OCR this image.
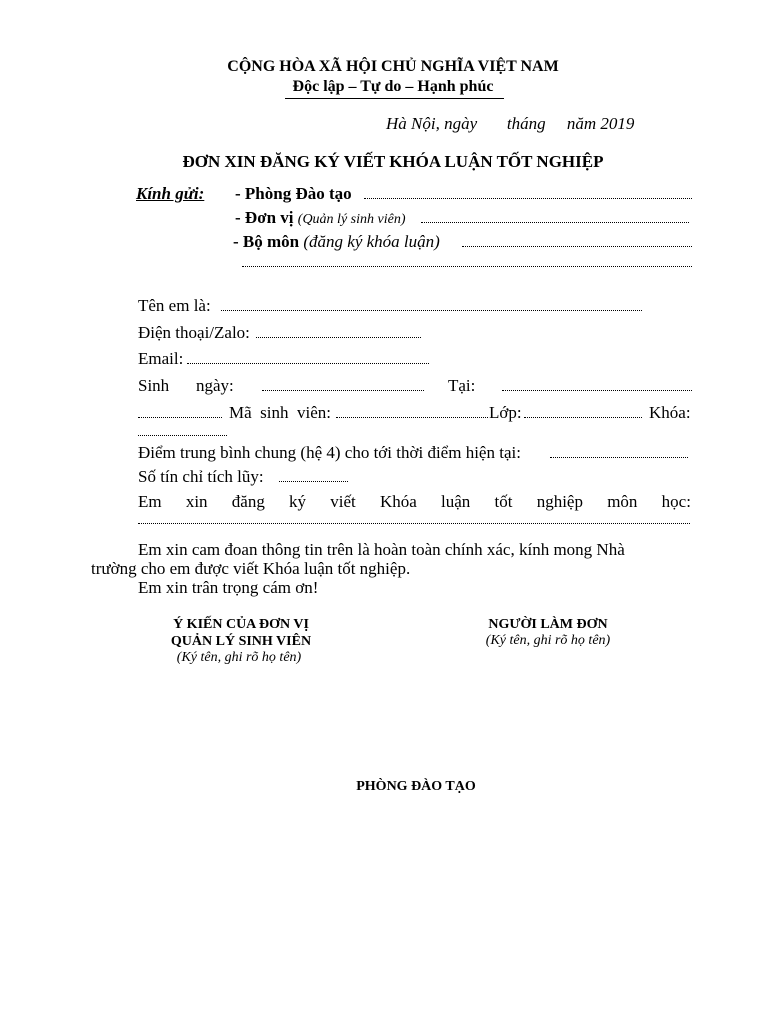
CỘNG HÒA XÃ HỘI CHỦ NGHĨA VIỆT NAM
Độc lập – Tự do – Hạnh phúc
Hà Nội, ngày       tháng     năm 2019
ĐƠN XIN ĐĂNG KÝ VIẾT KHÓA LUẬN TỐT NGHIỆP
Kính gửi: - Phòng Đào tạo
- Đơn vị (Quản lý sinh viên)
- Bộ môn (đăng ký khóa luận)
Tên em là:
Điện thoại/Zalo:
Email:
Sinh ngày:	Tại:
Mã  sinh  viên:	Lớp:	Khóa:
Điểm trung bình chung (hệ 4) cho tới thời điểm hiện tại:
Số tín chỉ tích lũy:
Em xin đăng ký viết Khóa luận tốt nghiệp môn học:
Em xin cam đoan thông tin trên là hoàn toàn chính xác, kính mong Nhà
trường cho em được viết Khóa luận tốt nghiệp.
Em xin trân trọng cám ơn!
Ý KIẾN CỦA ĐƠN VỊ
QUẢN LÝ SINH VIÊN
(Ký tên, ghi rõ họ tên)
NGƯỜI LÀM ĐƠN
(Ký tên, ghi rõ họ tên)
PHÒNG ĐÀO TẠO
